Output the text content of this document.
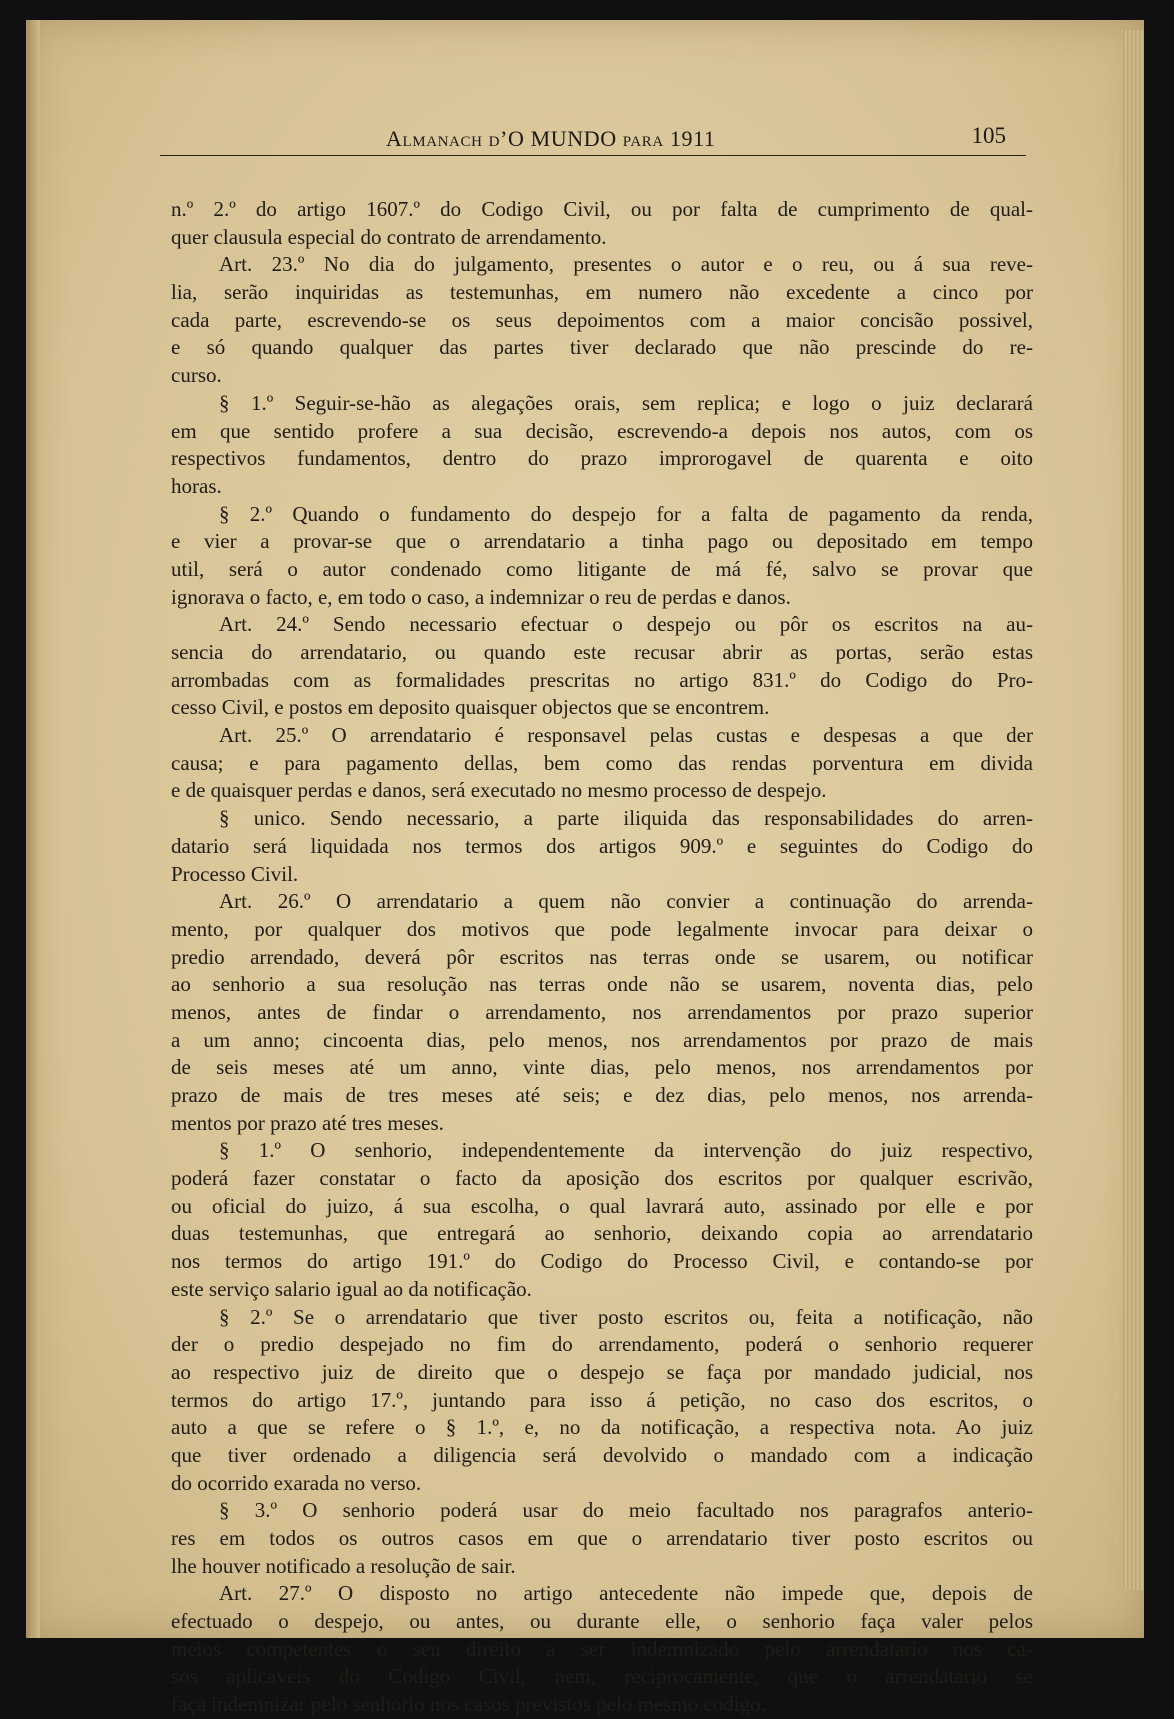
Almanach d’O MUNDO para 1911	105
n.º 2.º do artigo 1607.º do Codigo Civil, ou por falta de cumprimento de qual-
quer clausula especial do contrato de arrendamento.
Art. 23.º No dia do julgamento, presentes o autor e o reu, ou á sua reve-
lia, serão inquiridas as testemunhas, em numero não excedente a cinco por
cada parte, escrevendo-se os seus depoimentos com a maior concisão possivel,
e só quando qualquer das partes tiver declarado que não prescinde do re-
curso.
§ 1.º Seguir-se-hão as alegações orais, sem replica; e logo o juiz declarará
em que sentido profere a sua decisão, escrevendo-a depois nos autos, com os
respectivos fundamentos, dentro do prazo improrogavel de quarenta e oito
horas.
§ 2.º Quando o fundamento do despejo for a falta de pagamento da renda,
e vier a provar-se que o arrendatario a tinha pago ou depositado em tempo
util, será o autor condenado como litigante de má fé, salvo se provar que
ignorava o facto, e, em todo o caso, a indemnizar o reu de perdas e danos.
Art. 24.º Sendo necessario efectuar o despejo ou pôr os escritos na au-
sencia do arrendatario, ou quando este recusar abrir as portas, serão estas
arrombadas com as formalidades prescritas no artigo 831.º do Codigo do Pro-
cesso Civil, e postos em deposito quaisquer objectos que se encontrem.
Art. 25.º O arrendatario é responsavel pelas custas e despesas a que der
causa; e para pagamento dellas, bem como das rendas porventura em divida
e de quaisquer perdas e danos, será executado no mesmo processo de despejo.
§ unico. Sendo necessario, a parte iliquida das responsabilidades do arren-
datario será liquidada nos termos dos artigos 909.º e seguintes do Codigo do
Processo Civil.
Art. 26.º O arrendatario a quem não convier a continuação do arrenda-
mento, por qualquer dos motivos que pode legalmente invocar para deixar o
predio arrendado, deverá pôr escritos nas terras onde se usarem, ou notificar
ao senhorio a sua resolução nas terras onde não se usarem, noventa dias, pelo
menos, antes de findar o arrendamento, nos arrendamentos por prazo superior
a um anno; cincoenta dias, pelo menos, nos arrendamentos por prazo de mais
de seis meses até um anno, vinte dias, pelo menos, nos arrendamentos por
prazo de mais de tres meses até seis; e dez dias, pelo menos, nos arrenda-
mentos por prazo até tres meses.
§ 1.º O senhorio, independentemente da intervenção do juiz respectivo,
poderá fazer constatar o facto da aposição dos escritos por qualquer escrivão,
ou oficial do juizo, á sua escolha, o qual lavrará auto, assinado por elle e por
duas testemunhas, que entregará ao senhorio, deixando copia ao arrendatario
nos termos do artigo 191.º do Codigo do Processo Civil, e contando-se por
este serviço salario igual ao da notificação.
§ 2.º Se o arrendatario que tiver posto escritos ou, feita a notificação, não
der o predio despejado no fim do arrendamento, poderá o senhorio requerer
ao respectivo juiz de direito que o despejo se faça por mandado judicial, nos
termos do artigo 17.º, juntando para isso á petição, no caso dos escritos, o
auto a que se refere o § 1.º, e, no da notificação, a respectiva nota. Ao juiz
que tiver ordenado a diligencia será devolvido o mandado com a indicação
do ocorrido exarada no verso.
§ 3.º O senhorio poderá usar do meio facultado nos paragrafos anterio-
res em todos os outros casos em que o arrendatario tiver posto escritos ou
lhe houver notificado a resolução de sair.
Art. 27.º O disposto no artigo antecedente não impede que, depois de
efectuado o despejo, ou antes, ou durante elle, o senhorio faça valer pelos
meios competentes o seu direito a ser indemnizado pelo arrendatario nos ca-
sos aplicaveis do Codigo Civil, nem, reciprocamente, que o arrendatario se
faça indemnizar pelo senhorio nos casos previstos pelo mesmo codigo.
